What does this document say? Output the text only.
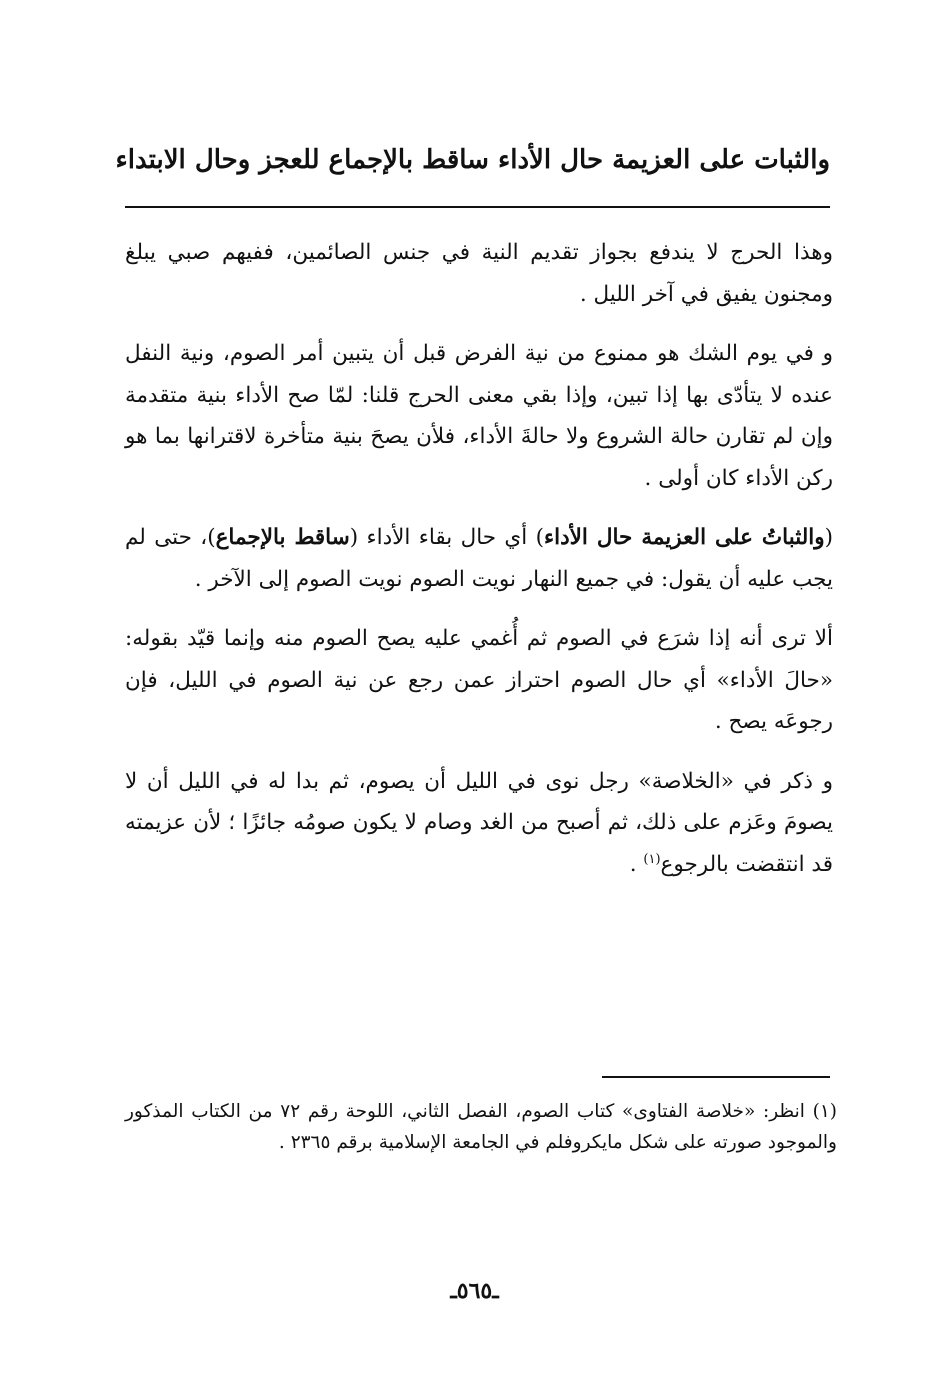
والثبات على العزيمة حال الأداء ساقط بالإجماع للعجز وحال الابتداء

وهذا الحرج لا يندفع بجواز تقديم النية في جنس الصائمين، ففيهم صبي يبلغ ومجنون يفيق في آخر الليل .

و في يوم الشك هو ممنوع من نية الفرض قبل أن يتبين أمر الصوم، ونية النفل عنده لا يتأدّى بها إذا تبين، وإذا بقي معنى الحرج قلنا: لمّا صح الأداء بنية متقدمة وإن لم تقارن حالة الشروع ولا حالةَ الأداء، فلأن يصحَ بنية متأخرة لاقترانها بما هو ركن الأداء كان أولى .

(والثباتُ على العزيمة حال الأداء) أي حال بقاء الأداء (ساقط بالإجماع)، حتى لم يجب عليه أن يقول: في جميع النهار نويت الصوم نويت الصوم إلى الآخر .

ألا ترى أنه إذا شرَع في الصوم ثم أُغمي عليه يصح الصوم منه وإنما قيّد بقوله: «حالَ الأداء» أي حال الصوم احتراز عمن رجع عن نية الصوم في الليل، فإن رجوعَه يصح .

و ذكر في «الخلاصة» رجل نوى في الليل أن يصوم، ثم بدا له في الليل أن لا يصومَ وعَزم على ذلك، ثم أصبح من الغد وصام لا يكون صومُه جائزًا ؛ لأن عزيمته قد انتقضت بالرجوع$^{(١)}$ .

(١) انظر: «خلاصة الفتاوى» كتاب الصوم، الفصل الثاني، اللوحة رقم ٧٢ من الكتاب المذكور والموجود صورته على شكل مايكروفلم في الجامعة الإسلامية برقم ٢٣٦٥ .

ـ٥٦٥ـ
